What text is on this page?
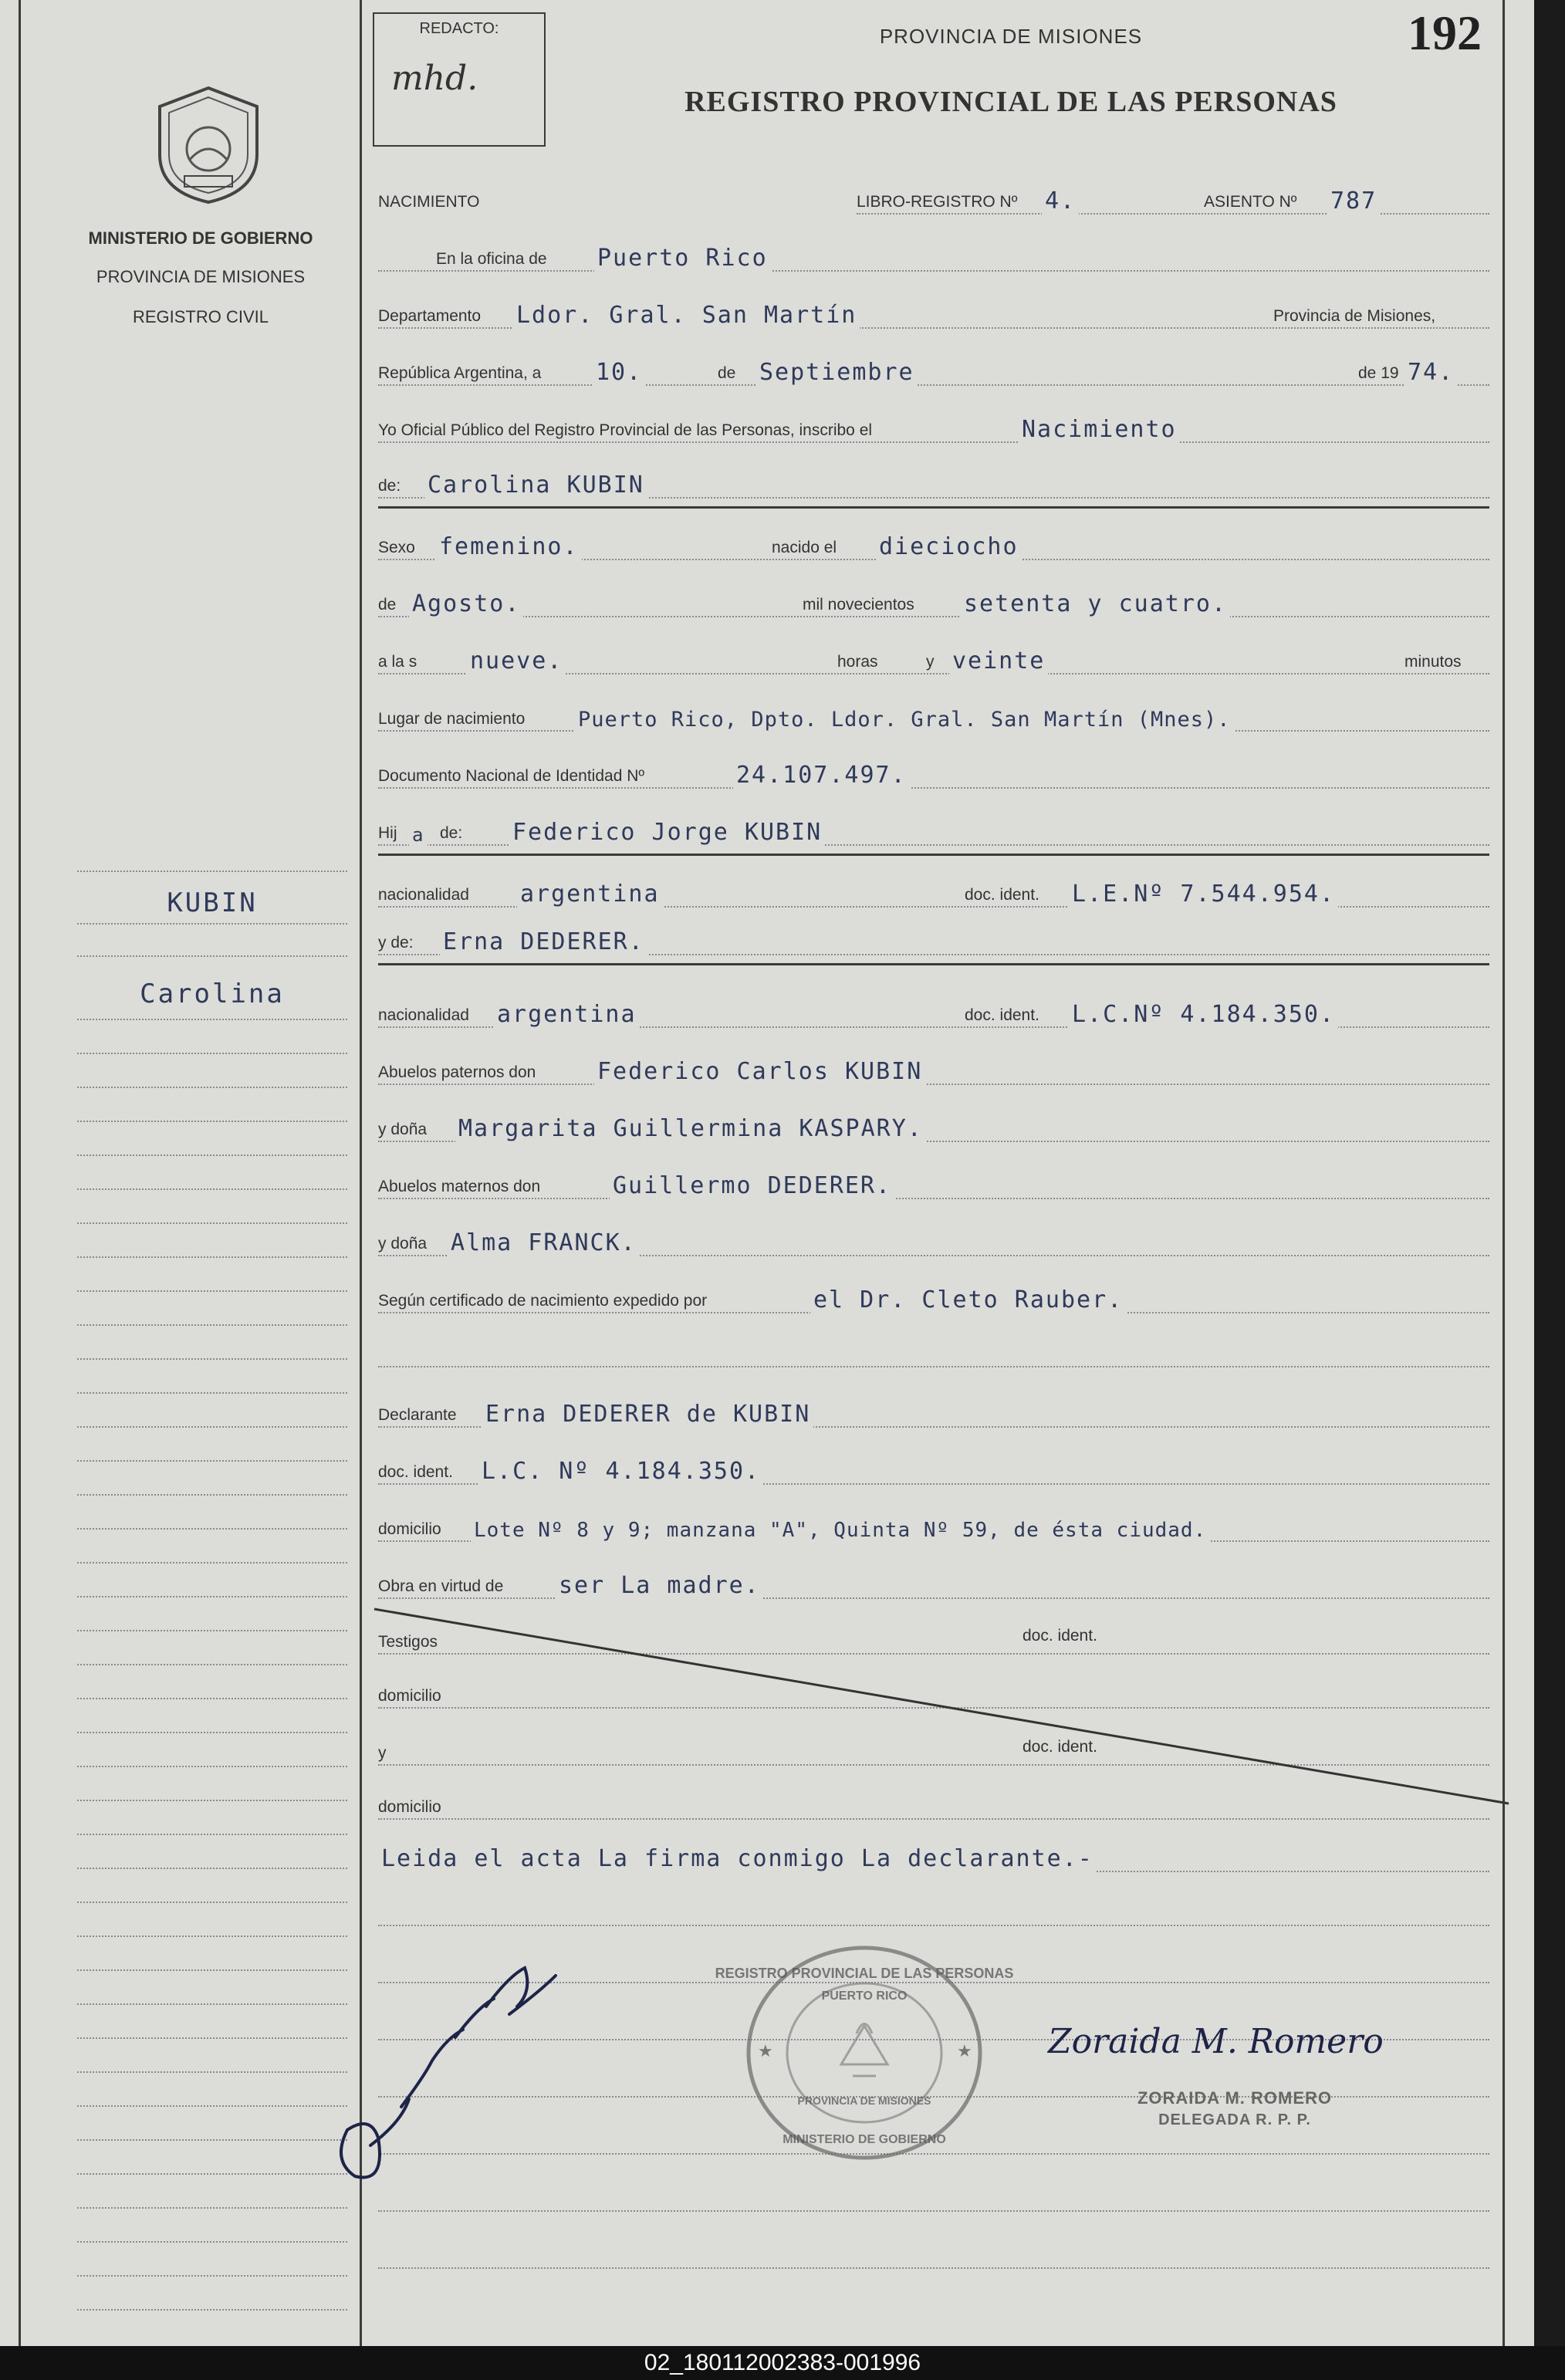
MINISTERIO DE GOBIERNO
PROVINCIA DE MISIONES
REGISTRO CIVIL
KUBIN
Carolina
REDACTO:
mhd.
PROVINCIA DE MISIONES
REGISTRO PROVINCIAL DE LAS PERSONAS
192
NACIMIENTO	LIBRO-REGISTRO Nº 4.	ASIENTO Nº 787
En la oficina de Puerto Rico
Departamento Ldor. Gral. San Martín	Provincia de Misiones,
República Argentina, a 10.	de Septiembre	de 19 74.
Yo Oficial Público del Registro Provincial de las Personas, inscribo el	Nacimiento
de: Carolina KUBIN
Sexo femenino.	nacido el dieciocho
de Agosto.	mil novecientos setenta y cuatro.
a la s nueve.	horas	y veinte	minutos
Lugar de nacimiento	Puerto Rico, Dpto. Ldor. Gral. San Martín (Mnes).
Documento Nacional de Identidad Nº	24.107.497.
Hij a de: Federico Jorge KUBIN
nacionalidad argentina	doc. ident. L.E.Nº 7.544.954.
y de: Erna DEDERER.
nacionalidad argentina	doc. ident. L.C.Nº 4.184.350.
Abuelos paternos don	Federico Carlos KUBIN
y doña Margarita Guillermina KASPARY.
Abuelos maternos don	Guillermo DEDERER.
y doña Alma FRANCK.
Según certificado de nacimiento expedido por	el Dr. Cleto Rauber.
Declarante Erna DEDERER de KUBIN
doc. ident. L.C. Nº 4.184.350.
domicilio Lote Nº 8 y 9; manzana "A", Quinta Nº 59, de ésta ciudad.
Obra en virtud de ser La madre.
Testigos	doc. ident.
domicilio
y	doc. ident.
domicilio
Leida el acta La firma conmigo La declarante.-
REGISTRO PROVINCIAL DE LAS PERSONAS
PUERTO RICO
PROVINCIA DE MISIONES
MINISTERIO DE GOBIERNO
★	★ Zoraida M. Romero
ZORAIDA M. ROMERO
DELEGADA R. P. P.
02_180112002383-001996
